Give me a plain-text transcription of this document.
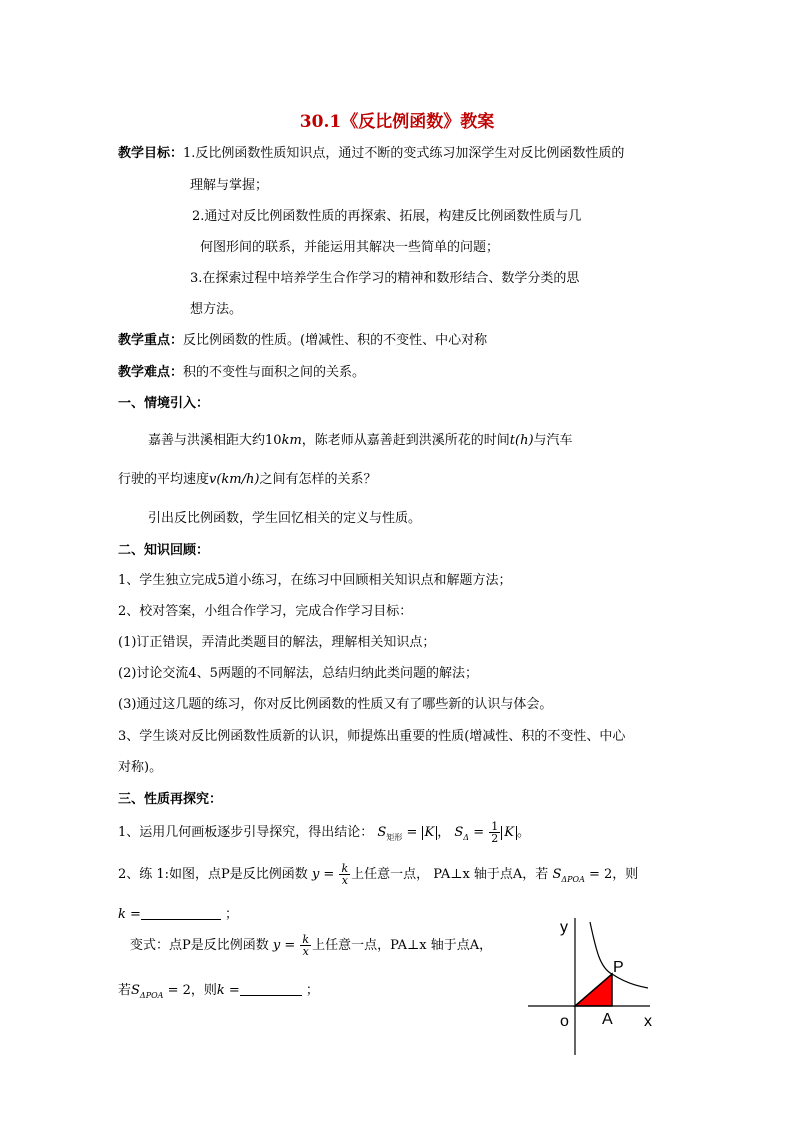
30.1《反比例函数》教案
教学目标：1.反比例函数性质知识点，通过不断的变式练习加深学生对反比例函数性质的
理解与掌握；
2.通过对反比例函数性质的再探索、拓展，构建反比例函数性质与几
何图形间的联系，并能运用其解决一些简单的问题；
3.在探索过程中培养学生合作学习的精神和数形结合、数学分类的思
想方法。
教学重点：反比例函数的性质。(增减性、积的不变性、中心对称
教学难点：积的不变性与面积之间的关系。
一、情境引入：
嘉善与洪溪相距大约10km，陈老师从嘉善赶到洪溪所花的时间t(h)与汽车
行驶的平均速度v(km/h)之间有怎样的关系？
引出反比例函数，学生回忆相关的定义与性质。
二、知识回顾：
1、学生独立完成5道小练习，在练习中回顾相关知识点和解题方法；
2、校对答案，小组合作学习，完成合作学习目标：
(1)订正错误，弄清此类题目的解法，理解相关知识点；
(2)讨论交流4、5两题的不同解法，总结归纳此类问题的解法；
(3)通过这几题的练习，你对反比例函数的性质又有了哪些新的认识与体会。
3、学生谈对反比例函数性质新的认识，师提炼出重要的性质(增减性、积的不变性、中心
对称)。
三、性质再探究：
1、运用几何画板逐步引导探究，得出结论： $S_{矩形} = K$ ， $S_\Delta = \frac{1}{2}$ K 。
2、练 1:如图，点P是反比例函数 $y = \frac{k}{x}$ 上任意一点， PA⊥x 轴于点A，若 $S_{\Delta POA} = 2$，则
k =	；
变式：点P是反比例函数 $y = \frac{k}{x}$ 上任意一点，PA⊥x 轴于点A，
若$S_{\Delta POA} = 2$，则k =	；
y
x
o A
P
